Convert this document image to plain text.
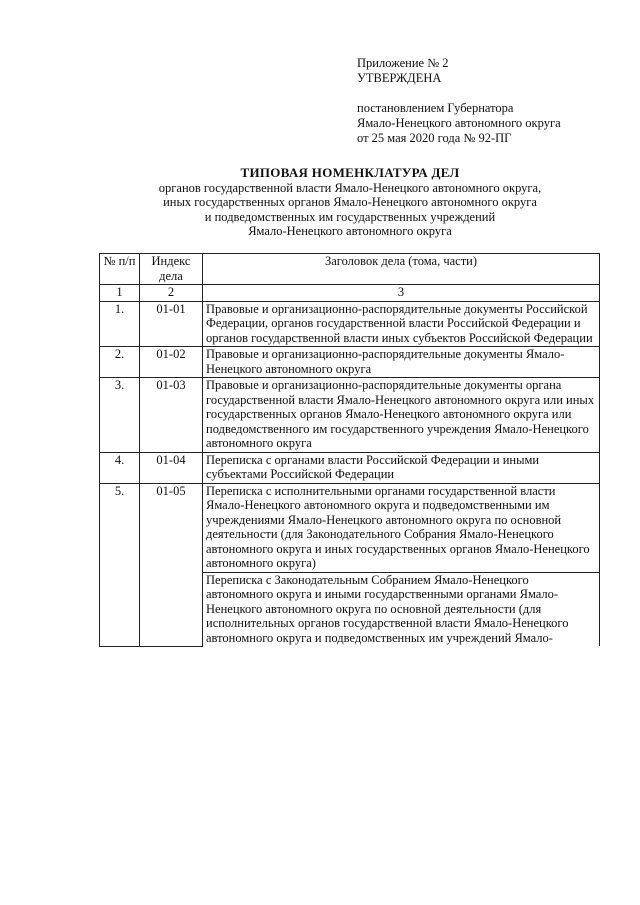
Приложение № 2
УТВЕРЖДЕНА
постановлением Губернатора
Ямало-Ненецкого автономного округа
от 25 мая 2020 года № 92-ПГ
ТИПОВАЯ НОМЕНКЛАТУРА ДЕЛ
органов государственной власти Ямало-Ненецкого автономного округа,
иных государственных органов Ямало-Ненецкого автономного округа
и подведомственных им государственных учреждений
Ямало-Ненецкого автономного округа
№ п/п	Индекс дела	Заголовок дела (тома, части)
1	2	3
1.	01-01	Правовые и организационно-распорядительные документы Российской Федерации, органов государственной власти Российской Федерации и органов государственной власти иных субъектов Российской Федерации
2.	01-02	Правовые и организационно-распорядительные документы Ямало-Ненецкого автономного округа
3.	01-03	Правовые и организационно-распорядительные документы органа государственной власти Ямало-Ненецкого автономного округа или иных государственных органов Ямало-Ненецкого автономного округа или подведомственного им государственного учреждения Ямало-Ненецкого автономного округа
4.	01-04	Переписка с органами власти Российской Федерации и иными субъектами Российской Федерации
5.	01-05	Переписка с исполнительными органами государственной власти Ямало-Ненецкого автономного округа и подведомственными им учреждениями Ямало-Ненецкого автономного округа по основной деятельности (для Законодательного Собрания Ямало-Ненецкого автономного округа и иных государственных органов Ямало-Ненецкого автономного округа)
		Переписка с Законодательным Собранием Ямало-Ненецкого автономного округа и иными государственными органами Ямало-Ненецкого автономного округа по основной деятельности (для исполнительных органов государственной власти Ямало-Ненецкого автономного округа и подведомственных им учреждений Ямало-
